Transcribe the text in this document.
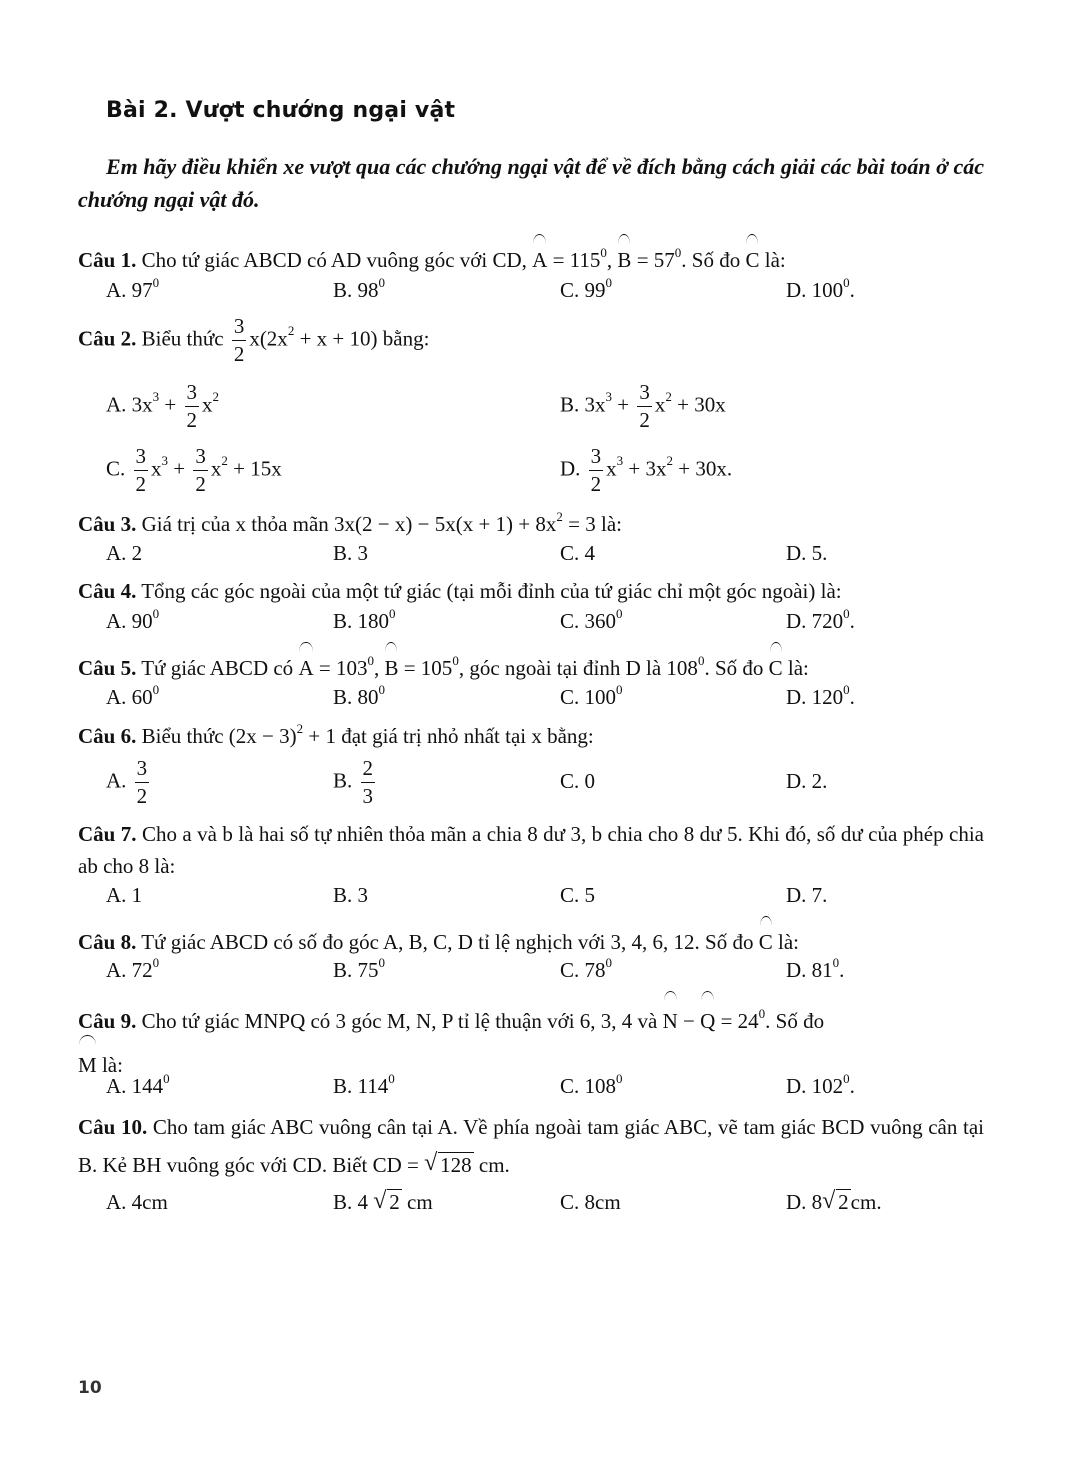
Bài 2. Vượt chướng ngại vật
Em hãy điều khiển xe vượt qua các chướng ngại vật để về đích bằng cách giải các bài toán ở các chướng ngại vật đó.
Câu 1. Cho tứ giác ABCD có AD vuông góc với CD, $A = 115^0$, $B = 57^0$. Số đo C là:
A. $97^0$	B. $98^0$	C. $99^0$	D. $100^0$.
Câu 2. Biểu thức $\frac{3}{2} x(2x^2 + x + 10)$ bằng:
A. $3x^3 + \frac{3}{2} x^2$	B. $3x^3 + \frac{3}{2} x^2 + 30x$
C. $\frac{3}{2} x^3 + \frac{3}{2} x^2 + 15x$	D. $\frac{3}{2} x^3 + 3x^2 + 30x$.
Câu 3. Giá trị của x thỏa mãn $3x(2 - x) - 5x(x + 1) + 8x^2 = 3$ là:
A. 2	B. 3	C. 4	D. 5.
Câu 4. Tổng các góc ngoài của một tứ giác (tại mỗi đỉnh của tứ giác chỉ một góc ngoài) là:
A. $90^0$	B. $180^0$	C. $360^0$	D. $720^0$.
Câu 5. Tứ giác ABCD có $A = 103^0$, $B = 105^0$, góc ngoài tại đỉnh D là $108^0$. Số đo C là:
A. $60^0$	B. $80^0$	C. $100^0$	D. $120^0$.
Câu 6. Biểu thức $(2x - 3)^2 + 1$ đạt giá trị nhỏ nhất tại x bằng:
A. $\frac{3}{2}$	B. $\frac{2}{3}$	C. 0	D. 2.
Câu 7. Cho a và b là hai số tự nhiên thỏa mãn a chia 8 dư 3, b chia cho 8 dư 5. Khi đó, số dư của phép chia ab cho 8 là:
A. 1	B. 3	C. 5	D. 7.
Câu 8. Tứ giác ABCD có số đo góc A, B, C, D tỉ lệ nghịch với 3, 4, 6, 12. Số đo C là:
A. $72^0$	B. $75^0$	C. $78^0$	D. $81^0$.
Câu 9. Cho tứ giác MNPQ có 3 góc M, N, P tỉ lệ thuận với 6, 3, 4 và $N - Q = 24^0$. Số đo
M là:
A. $144^0$	B. $114^0$	C. $108^0$	D. $102^0$.
Câu 10. Cho tam giác ABC vuông cân tại A. Về phía ngoài tam giác ABC, vẽ tam giác BCD vuông cân tại B. Kẻ BH vuông góc với CD. Biết CD = √ 128 cm.
A. 4cm	B. 4 √ 2 cm	C. 8cm	D. 8 √ 2cm.
10
